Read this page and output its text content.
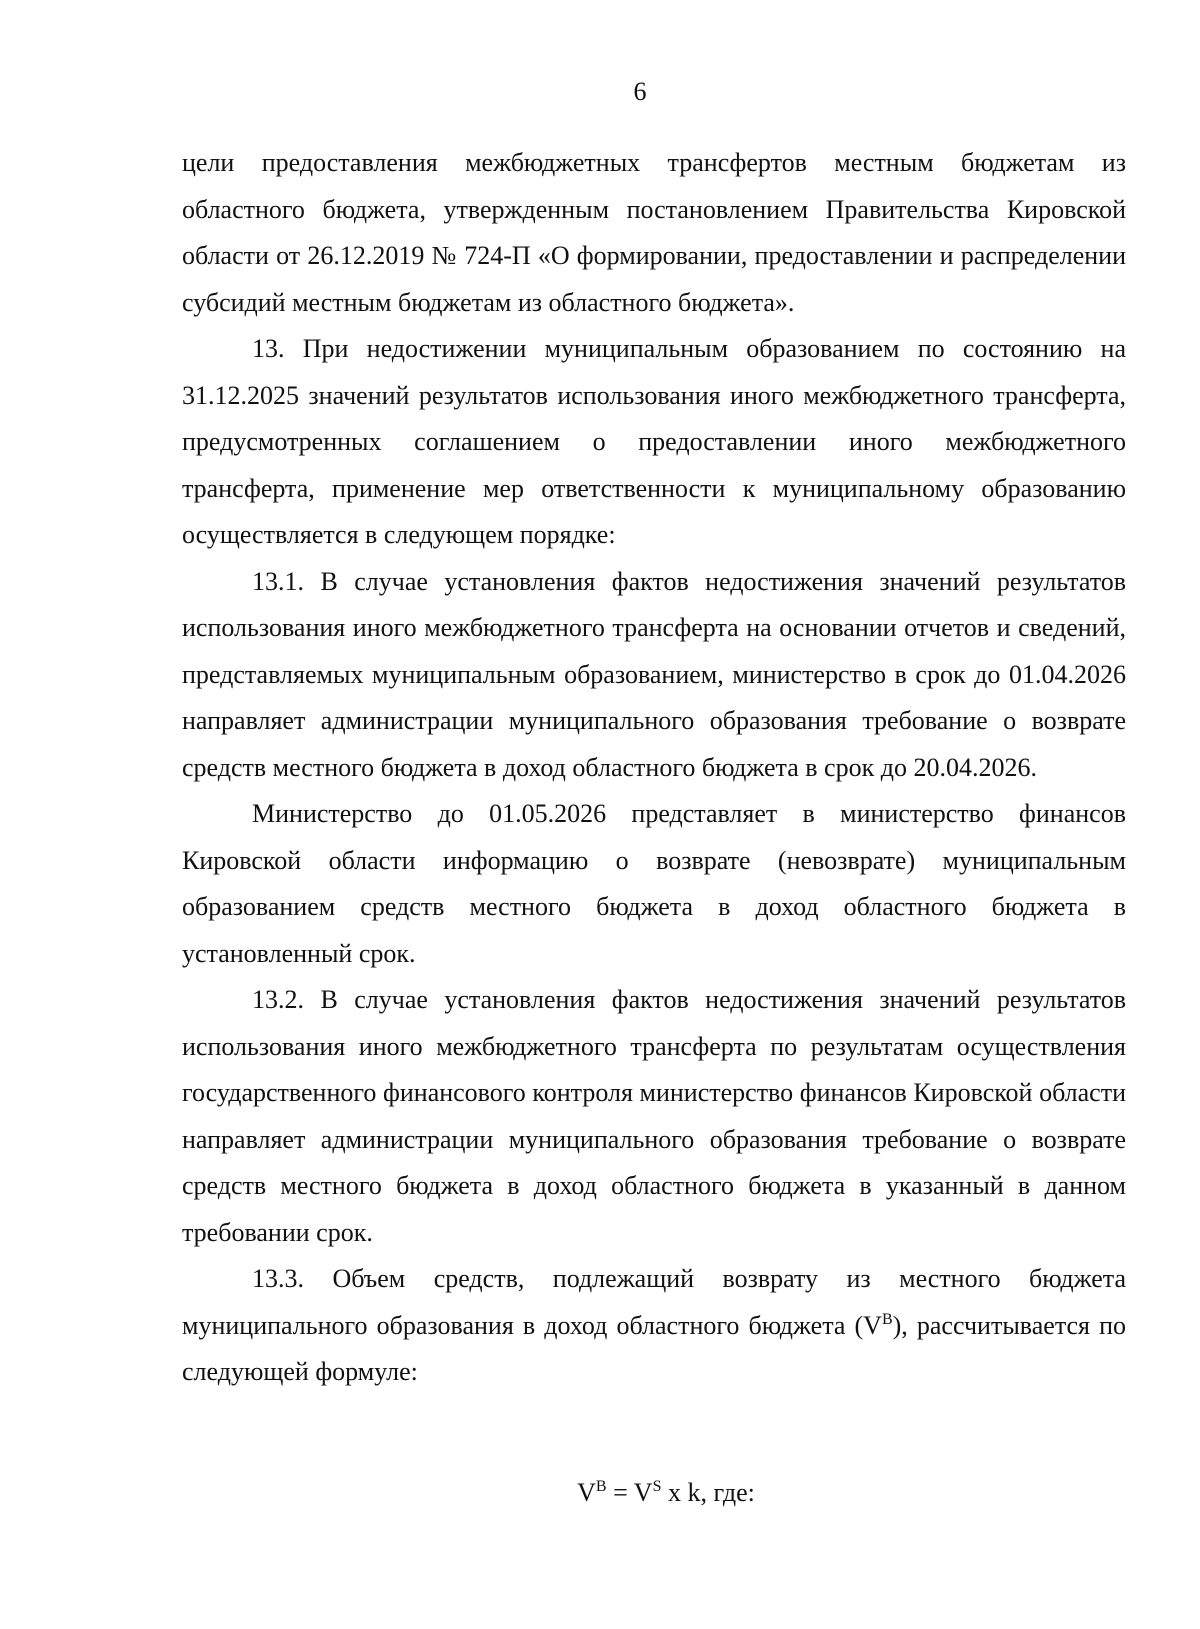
6

цели предоставления межбюджетных трансфертов местным бюджетам из областного бюджета, утвержденным постановлением Правительства Кировской области от 26.12.2019 № 724-П «О формировании, предоставлении и распределении субсидий местным бюджетам из областного бюджета».

13. При недостижении муниципальным образованием по состоянию на 31.12.2025 значений результатов использования иного межбюджетного трансферта, предусмотренных соглашением о предоставлении иного межбюджетного трансферта, применение мер ответственности к муниципальному образованию осуществляется в следующем порядке:

13.1. В случае установления фактов недостижения значений результатов использования иного межбюджетного трансферта на основании отчетов и сведений, представляемых муниципальным образованием, министерство в срок до 01.04.2026 направляет администрации муниципального образования требование о возврате средств местного бюджета в доход областного бюджета в срок до 20.04.2026.

Министерство до 01.05.2026 представляет в министерство финансов Кировской области информацию о возврате (невозврате) муниципальным образованием средств местного бюджета в доход областного бюджета в установленный срок.

13.2. В случае установления фактов недостижения значений результатов использования иного межбюджетного трансферта по результатам осуществления государственного финансового контроля министерство финансов Кировской области направляет администрации муниципального образования требование о возврате средств местного бюджета в доход областного бюджета в указанный в данном требовании срок.

13.3. Объем средств, подлежащий возврату из местного бюджета муниципального образования в доход областного бюджета $(V^B)$, рассчитывается по следующей формуле:

$V^B = V^S$ x k, где:
